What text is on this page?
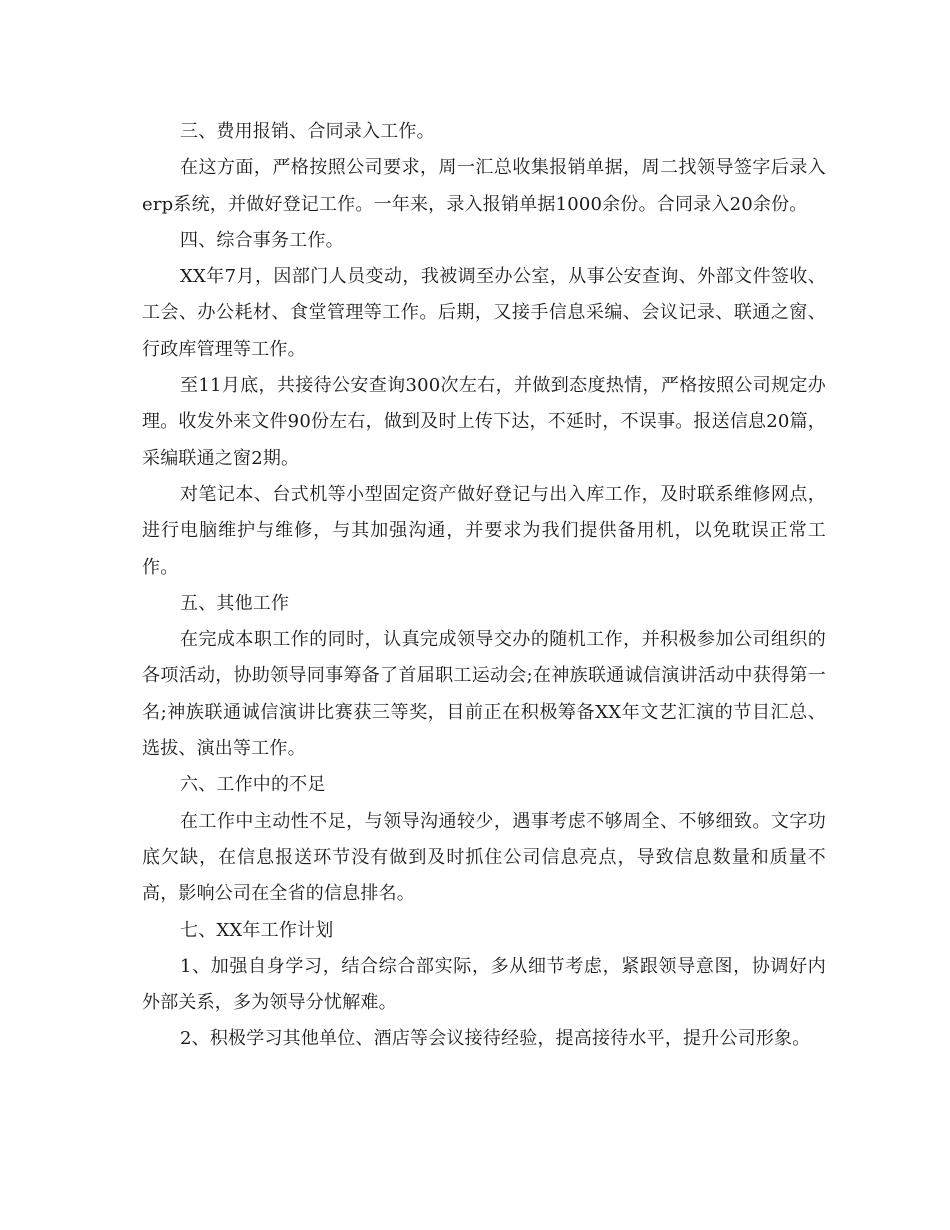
三、费用报销、合同录入工作。

在这方面，严格按照公司要求，周一汇总收集报销单据，周二找领导签字后录入erp系统，并做好登记工作。一年来，录入报销单据1000余份。合同录入20余份。

四、综合事务工作。

XX年7月，因部门人员变动，我被调至办公室，从事公安查询、外部文件签收、工会、办公耗材、食堂管理等工作。后期，又接手信息采编、会议记录、联通之窗、行政库管理等工作。

至11月底，共接待公安查询300次左右，并做到态度热情，严格按照公司规定办理。收发外来文件90份左右，做到及时上传下达，不延时，不误事。报送信息20篇，采编联通之窗2期。

对笔记本、台式机等小型固定资产做好登记与出入库工作，及时联系维修网点，进行电脑维护与维修，与其加强沟通，并要求为我们提供备用机，以免耽误正常工作。

五、其他工作

在完成本职工作的同时，认真完成领导交办的随机工作，并积极参加公司组织的各项活动，协助领导同事筹备了首届职工运动会;在神族联通诚信演讲活动中获得第一名;神族联通诚信演讲比赛获三等奖，目前正在积极筹备XX年文艺汇演的节目汇总、选拔、演出等工作。

六、工作中的不足

在工作中主动性不足，与领导沟通较少，遇事考虑不够周全、不够细致。文字功底欠缺，在信息报送环节没有做到及时抓住公司信息亮点，导致信息数量和质量不高，影响公司在全省的信息排名。

七、XX年工作计划

1、加强自身学习，结合综合部实际，多从细节考虑，紧跟领导意图，协调好内外部关系，多为领导分忧解难。

2、积极学习其他单位、酒店等会议接待经验，提高接待水平，提升公司形象。
